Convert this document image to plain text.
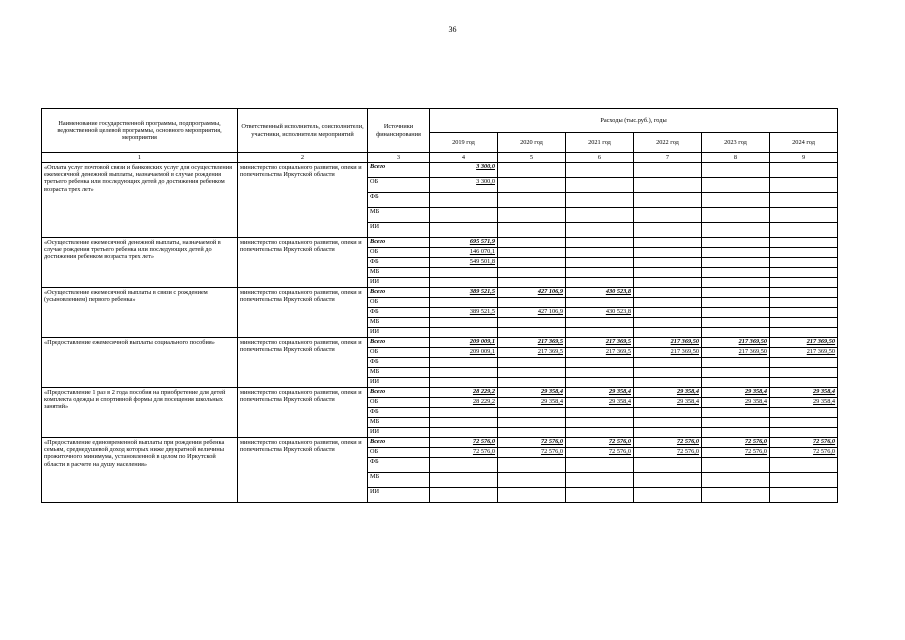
36
Наименование государственной программы, подпрограммы, ведомственной целевой программы, основного мероприятия, мероприятия	Ответственный исполнитель, соисполнители, участники, исполнители мероприятий	Источники финансирования	Расходы (тыс.руб.), годы					
			2019 год	2020 год	2021 год	2022 год	2023 год	2024 год
1	2	3	4	5	6	7	8	9
«Оплата услуг почтовой связи и банковских услуг для осуществления ежемесячной денежной выплаты, назначаемой в случае рождения третьего ребенка или последующих детей до достижения ребенком возраста трех лет»	министерство социального развития, опеки и попечительства Иркутской области	Всего	3 300,0					
		ОБ	3 300,0					
		ФБ						
		МБ						
		ИИ						
«Осуществление ежемесячной денежной выплаты, назначаемой в случае рождения третьего ребенка или последующих детей до достижения ребенком возраста трех лет»	министерство социального развития, опеки и попечительства Иркутской области	Всего	695 571,9					
		ОБ	146 070,1					
		ФБ	549 501,8					
		МБ						
		ИИ						
«Осуществление ежемесячной выплаты в связи с рождением (усыновлением) первого ребенка»	министерство социального развития, опеки и попечительства Иркутской области	Всего	389 521,5	427 106,9	430 523,8			
		ОБ						
		ФБ	389 521,5	427 106,9	430 523,8			
		МБ						
		ИИ						
«Предоставление ежемесячной выплаты социального пособия»	министерство социального развития, опеки и попечительства Иркутской области	Всего	209 009,1	217 369,5	217 369,5	217 369,50	217 369,50	217 369,50
		ОБ	209 009,1	217 369,5	217 369,5	217 369,50	217 369,50	217 369,50
		ФБ						
		МБ						
		ИИ						
«Предоставление 1 раз в 2 года пособия на приобретение для детей комплекта одежды и спортивной формы для посещения школьных занятий»	министерство социального развития, опеки и попечительства Иркутской области	Всего	28 229,2	29 358,4	29 358,4	29 358,4	29 358,4	29 358,4
		ОБ	28 229,2	29 358,4	29 358,4	29 358,4	29 358,4	29 358,4
		ФБ						
		МБ						
		ИИ						
«Предоставление единовременной выплаты при рождении ребенка семьям, среднедушевой доход которых ниже двукратной величины прожиточного минимума, установленной в целом по Иркутской области в расчете на душу населения»	министерство социального развития, опеки и попечительства Иркутской области	Всего	72 576,0	72 576,0	72 576,0	72 576,0	72 576,0	72 576,0
		ОБ	72 576,0	72 576,0	72 576,0	72 576,0	72 576,0	72 576,0
		ФБ						
		МБ						
		ИИ						
